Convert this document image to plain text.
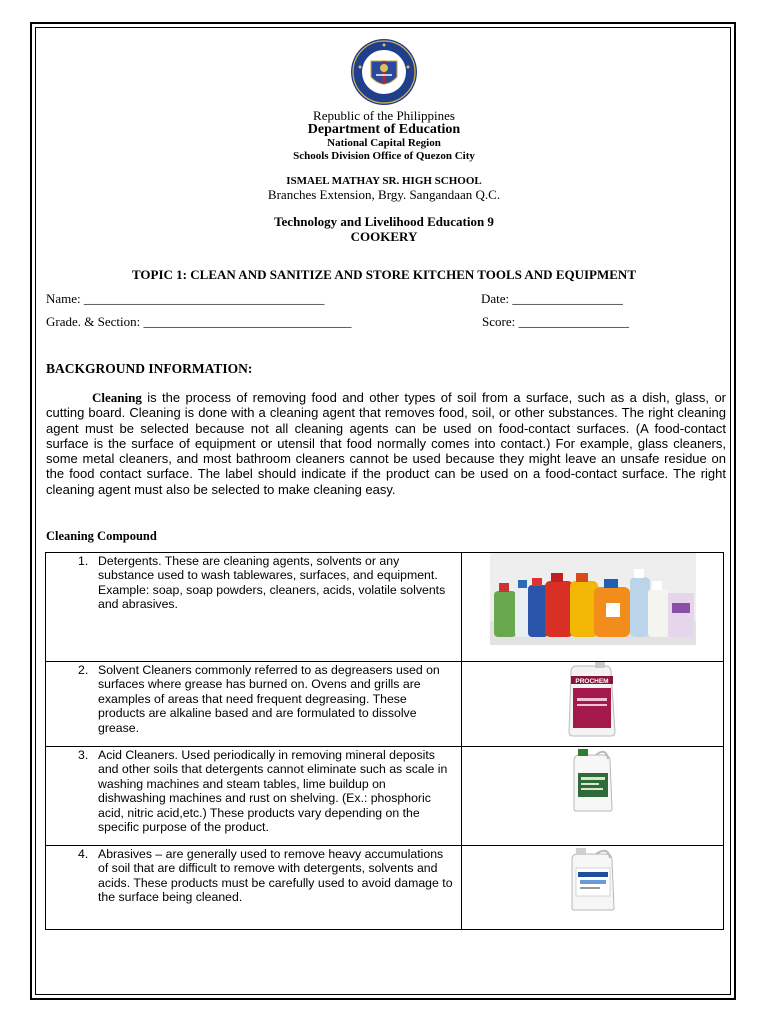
Republic of the Philippines
Department of Education
National Capital Region
Schools Division Office of Quezon City
ISMAEL MATHAY SR. HIGH SCHOOL
Branches Extension, Brgy. Sangandaan Q.C.
Technology and Livelihood Education 9
COOKERY
TOPIC 1: CLEAN AND SANITIZE AND STORE KITCHEN TOOLS AND EQUIPMENT
Name: _____________________________________	Date: _________________
Grade. & Section: ________________________________	Score: _________________
BACKGROUND INFORMATION:
Cleaning is the process of removing food and other types of soil from a surface, such as a dish, glass, or cutting board. Cleaning is done with a cleaning agent that removes food, soil, or other substances. The right cleaning agent must be selected because not all cleaning agents can be used on food-contact surfaces. (A food-contact surface is the surface of equipment or utensil that food normally comes into contact.) For example, glass cleaners, some metal cleaners, and most bathroom cleaners cannot be used because they might leave an unsafe residue on the food contact surface. The label should indicate if the product can be used on a food-contact surface. The right cleaning agent must also be selected to make cleaning easy.
Cleaning Compound
1. Detergents. These are cleaning agents, solvents or any substance used to wash tablewares, surfaces, and equipment. Example: soap, soap powders, cleaners, acids, volatile solvents and abrasives.

2. Solvent Cleaners commonly referred to as degreasers used on surfaces where grease has burned on. Ovens and grills are examples of areas that need frequent degreasing. These products are alkaline based and are formulated to dissolve grease.	PROCHEM

3. Acid Cleaners. Used periodically in removing mineral deposits and other soils that detergents cannot eliminate such as scale in washing machines and steam tables, lime buildup on dishwashing machines and rust on shelving. (Ex.: phosphoric acid, nitric acid,etc.) These products vary depending on the specific purpose of the product.

4. Abrasives – are generally used to remove heavy accumulations of soil that are difficult to remove with detergents, solvents and acids. These products must be carefully used to avoid damage to the surface being cleaned.
